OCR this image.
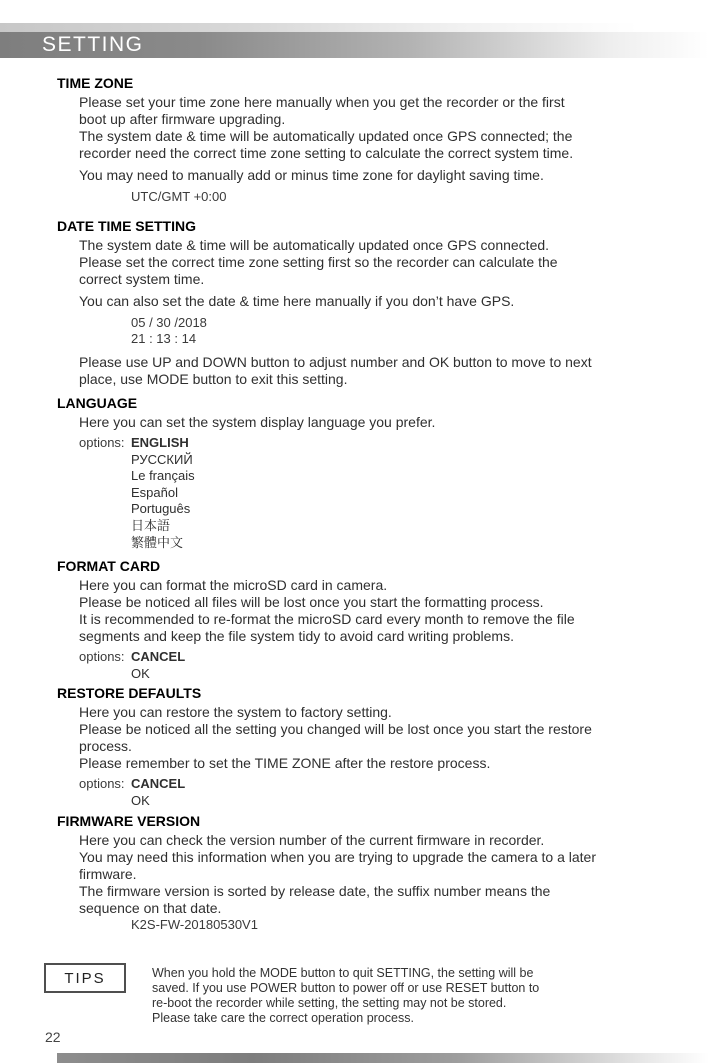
SETTING
TIME ZONE

Please set your time zone here manually when you get the recorder or the first

boot up after firmware upgrading.

The system date & time will be automatically updated once GPS connected; the

recorder need the correct time zone setting to calculate the correct system time.

You may need to manually add or minus time zone for daylight saving time.

UTC/GMT +0:00

DATE TIME SETTING

The system date & time will be automatically updated once GPS connected.

Please set the correct time zone setting first so the recorder can calculate the

correct system time.

You can also set the date & time here manually if you don’t have GPS.

05 / 30 /2018

21 : 13 : 14

Please use UP and DOWN button to adjust number and OK button to move to next

place, use MODE button to exit this setting.

LANGUAGE

Here you can set the system display language you prefer.

options: ENGLISH

РУССКИЙ

Le français

Español

Português

日本語

繁體中文

FORMAT CARD

Here you can format the microSD card in camera.

Please be noticed all files will be lost once you start the formatting process.

It is recommended to re-format the microSD card every month to remove the file

segments and keep the file system tidy to avoid card writing problems.

options: CANCEL

OK

RESTORE DEFAULTS

Here you can restore the system to factory setting.

Please be noticed all the setting you changed will be lost once you start the restore

process.

Please remember to set the TIME ZONE after the restore process.

options: CANCEL

OK

FIRMWARE VERSION

Here you can check the version number of the current firmware in recorder.

You may need this information when you are trying to upgrade the camera to a later

firmware.

The firmware version is sorted by release date, the suffix number means the

sequence on that date.

K2S-FW-20180530V1

TIPS	When you hold the MODE button to quit SETTING, the setting will be

saved. If you use POWER button to power off or use RESET button to

re-boot the recorder while setting, the setting may not be stored.

Please take care the correct operation process.

22
